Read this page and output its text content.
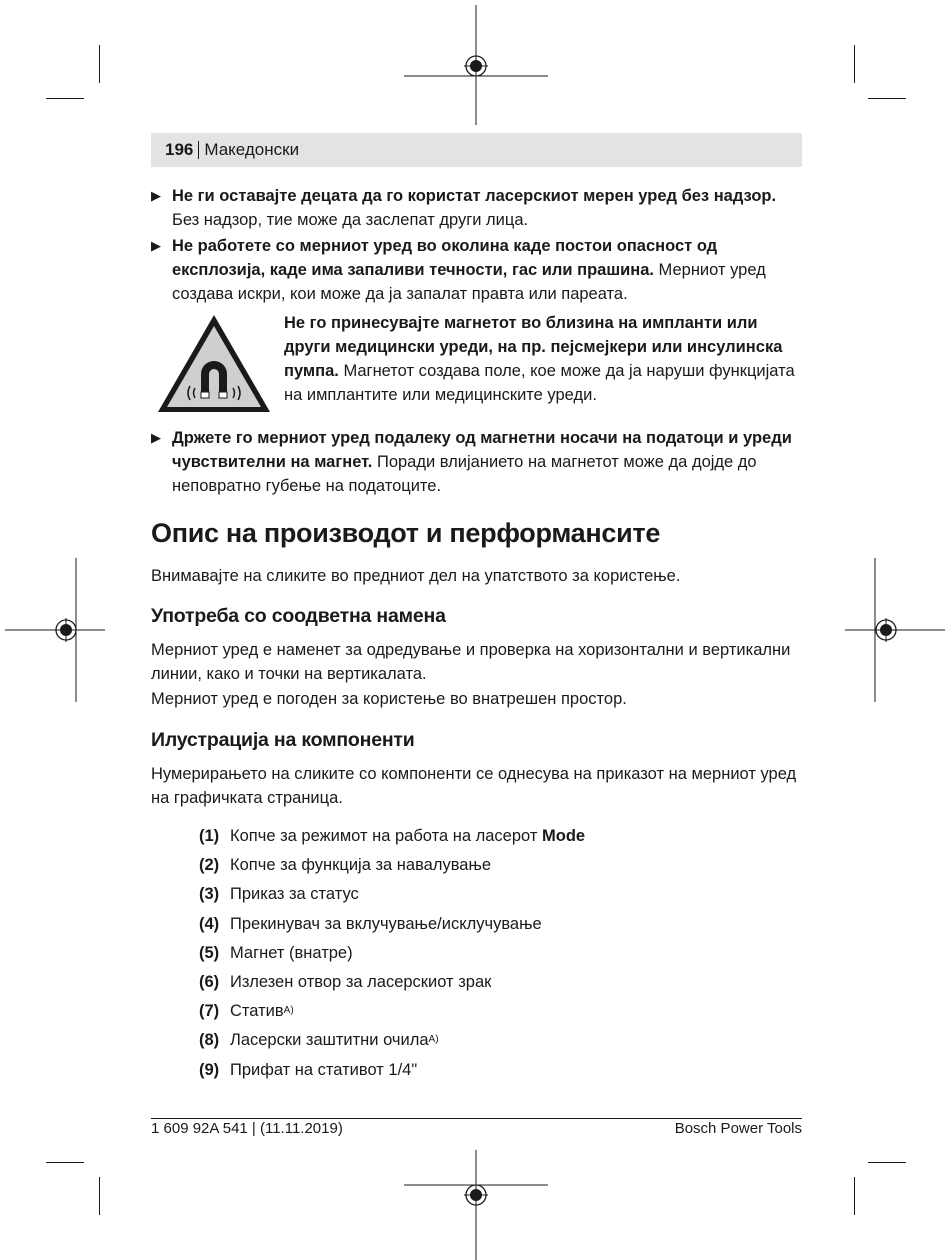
196 Македонски
▶ Не ги оставајте децата да го користат ласерскиот мерен уред без надзор. Без надзор, тие може да заслепат други лица.
▶ Не работете со мерниот уред во околина каде постои опасност од експлозија, каде има запаливи течности, гас или прашина. Мерниот уред создава искри, кои може да ја запалат правта или пареата.
Не го принесувајте магнетот во близина на импланти или други медицински уреди, на пр. пејсмејкери или инсулинска пумпа. Магнетот создава поле, кое може да ја наруши функцијата на имплантите или медицинските уреди.
▶ Држете го мерниот уред подалеку од магнетни носачи на податоци и уреди чувствителни на магнет. Поради влијанието на магнетот може да дојде до неповратно губење на податоците.
Опис на производот и перформансите
Внимавајте на сликите во предниот дел на упатството за користење.
Употреба со соодветна намена
Мерниот уред е наменет за одредување и проверка на хоризонтални и вертикални линии, како и точки на вертикалата.
Мерниот уред е погоден за користење во внатрешен простор.
Илустрација на компоненти
Нумерирањето на сликите со компоненти се однесува на приказот на мерниот уред на графичката страница.
(1) Копче за режимот на работа на ласерот
Mode
(2) Копче за функција за навалување
(3) Приказ за статус
(4) Прекинувач за вклучување/исклучување
(5) Магнет (внатре)
(6) Излезен отвор за ласерскиот зрак
(7) Статив A)
(8) Ласерски заштитни очила A)
(9) Прифат на стативот 1/4"
1 609 92A 541 | (11.11.2019)	Bosch Power Tools
